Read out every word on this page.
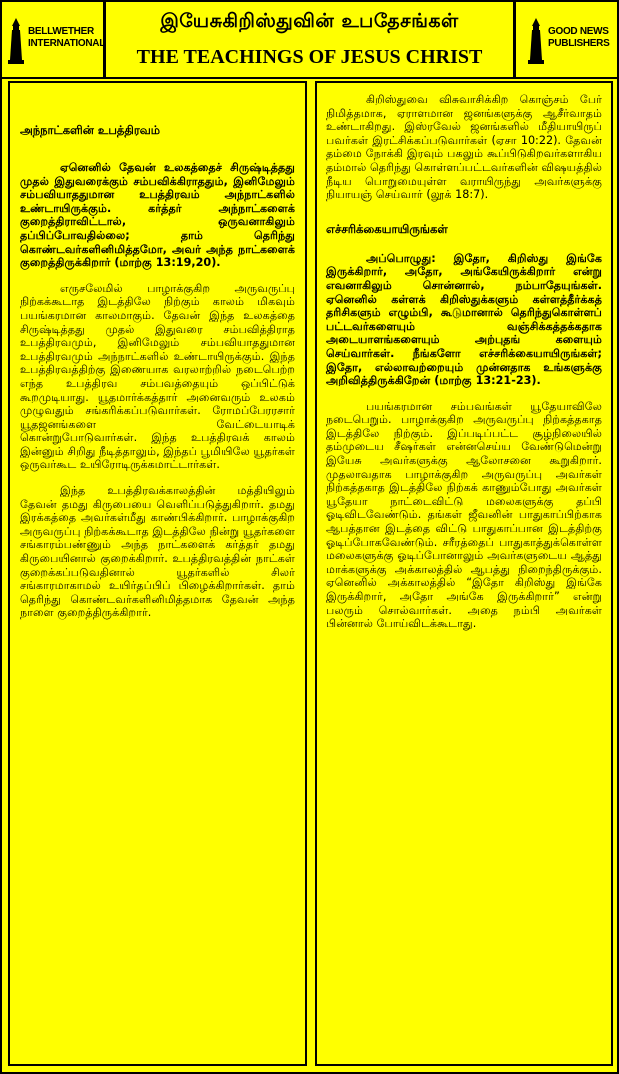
BELLWETHER INTERNATIONAL
இயேசுகிறிஸ்துவின் உபதேசங்கள்
THE TEACHINGS OF JESUS CHRIST
GOOD NEWS PUBLISHERS
அந்நாட்களின் உபத்திரவம்

ஏனெனில் தேவன் உலகத்தைச் சிருஷ்டித்தது முதல் இதுவரைக்கும் சம்பவிக்கிராததும், இனிமேலும் சம்பவியாததுமான உபத்திரவம் அந்நாட்களில் உண்டாயிருக்கும். கர்த்தர் அந்நாட்களைக் குறைத்திராவிட்டால், ஒருவனாகிலும் தப்பிப்போவதில்லை; தாம் தெரிந்து கொண்டவர்களினிமித்தமோ, அவர் அந்த நாட்களைக் குறைத்திருக்கிறார் (மாற்கு 13:19,20).

எருசலேமில் பாழாக்குகிற அருவருப்பு நிற்கக்கூடாத இடத்திலே நிற்கும் காலம் மிகவும் பயங்கரமான காலமாகும். தேவன் இந்த உலகத்தை சிருஷ்டித்தது முதல் இதுவரை சம்பவித்திராத உபத்திரவமும், இனிமேலும் சம்பவியாததுமான உபத்திரவமும் அந்நாட்களில் உண்டாயிருக்கும். இந்த உபத்திரவத்திற்கு இணையாக வரலாற்றில் நடைபெற்ற எந்த உபத்திரவ சம்பவத்தையும் ஒப்பிட்டுக் கூறமுடியாது. யூதமார்க்கத்தார் அனைவரும் உலகம் முழுவதும் சங்கரிக்கப்படுவார்கள். ரோமப்பேரரசார் யூதஜனங்களை வேட்டையாடிக் கொன்றுபோடுவார்கள். இந்த உபத்திரவக் காலம் இன்னும் சிறிது நீடித்தாலும், இந்தப் பூமியிலே யூதர்கள் ஒருவர்கூட உயிரோடிருக்கமாட்டார்கள்.

இந்த உபத்திரவக்காலத்தின் மத்தியிலும் தேவன் தமது கிருபையை வெளிப்படுத்துகிறார். தமது இரக்கத்தை அவர்கள்மீது காண்பிக்கிறார். பாழாக்குகிற அருவருப்பு நிற்கக்கூடாத இடத்திலே நின்று யூதர்களை சங்காரம்பண்ணும் அந்த நாட்களைக் கர்த்தர் தமது கிருபையினால் குறைக்கிறார். உபத்திரவத்தின் நாட்கள் குறைக்கப்படுவதினால் யூதர்களில் சிலர் சங்காரமாகாமல் உயிர்தப்பிப் பிழைக்கிறார்கள். தாம் தெரிந்து கொண்டவர்களினிமித்தமாக தேவன் அந்த நாளை குறைத்திருக்கிறார்.

கிறிஸ்துவை விசுவாசிக்கிற கொஞ்சம் பேர் நிமித்தமாக, ஏராளமான ஜனங்களுக்கு ஆசீர்வாதம் உண்டாகிறது. இஸ்ரவேல் ஜனங்களில் மீதியாயிருப் பவர்கள் இரட்சிக்கப்படுவார்கள் (ஏசா 10:22). தேவன் தம்மை நோக்கி இரவும் பகலும் கூப்பிடுகிறவர்களாகிய தம்மால் தெரிந்து கொள்ளப்பட்டவர்களின் விஷயத்தில் நீடிய பொறுமையுள்ள வராயிருந்து அவர்களுக்கு நியாயஞ் செய்வார் (லூக் 18:7).

எச்சரிக்கையாயிருங்கள்

அப்பொழுது: இதோ, கிறிஸ்து இங்கே இருக்கிறார், அதோ, அங்கேயிருக்கிறார் என்று எவனாகிலும் சொன்னால், நம்பாதேயுங்கள். ஏனெனில் கள்ளக் கிறிஸ்துக்களும் கள்ளத்தீர்க்கத் தரிசிகளும் எழும்பி, கூடுமானால் தெரிந்துகொள்ளப் பட்டவர்களையும் வஞ்சிக்கத்தக்கதாக அடையாளங்களையும் அற்புதங் களையும் செய்வார்கள். நீங்களோ எச்சரிக்கையாயிருங்கள்; இதோ, எல்லாவற்றையும் முன்னதாக உங்களுக்கு அறிவித்திருக்கிறேன் (மாற்கு 13:21-23).

பயங்கரமான சம்பவங்கள் யூதேயாவிலே நடைபெறும். பாழாக்குகிற அருவருப்பு நிற்கத்தகாத இடத்திலே நிற்கும். இப்படிப்பட்ட சூழ்நிலையில் தம்முடைய சீஷர்கள் என்னசெய்ய வேண்டுமென்று இயேசு அவர்களுக்கு ஆலோசனை கூறுகிறார். முதலாவதாக பாழாக்குகிற அருவருப்பு அவர்கள் நிற்கத்தகாத இடத்திலே நிற்கக் காணும்போது அவர்கள் யூதேயா நாட்டைவிட்டு மலைகளுக்கு தப்பி ஓடிவிடவேண்டும். தங்கள் ஜீவனின் பாதுகாப்பிற்காக ஆபத்தான இடத்தை விட்டு பாதுகாப்பான இடத்திற்கு ஓடிப்போகவேண்டும். சரீரத்தைப் பாதுகாத்துக்கொள்ள மலைகளுக்கு ஓடிப்போனாலும் அவர்களுடைய ஆத்து மாக்களுக்கு அக்காலத்தில் ஆபத்து நிறைந்திருக்கும். ஏனெனில் அக்காலத்தில் “இதோ கிறிஸ்து இங்கே இருக்கிறார், அதோ அங்கே இருக்கிறார்” என்று பலரும் சொல்வார்கள். அதை நம்பி அவர்கள் பின்னால் போய்விடக்கூடாது.
